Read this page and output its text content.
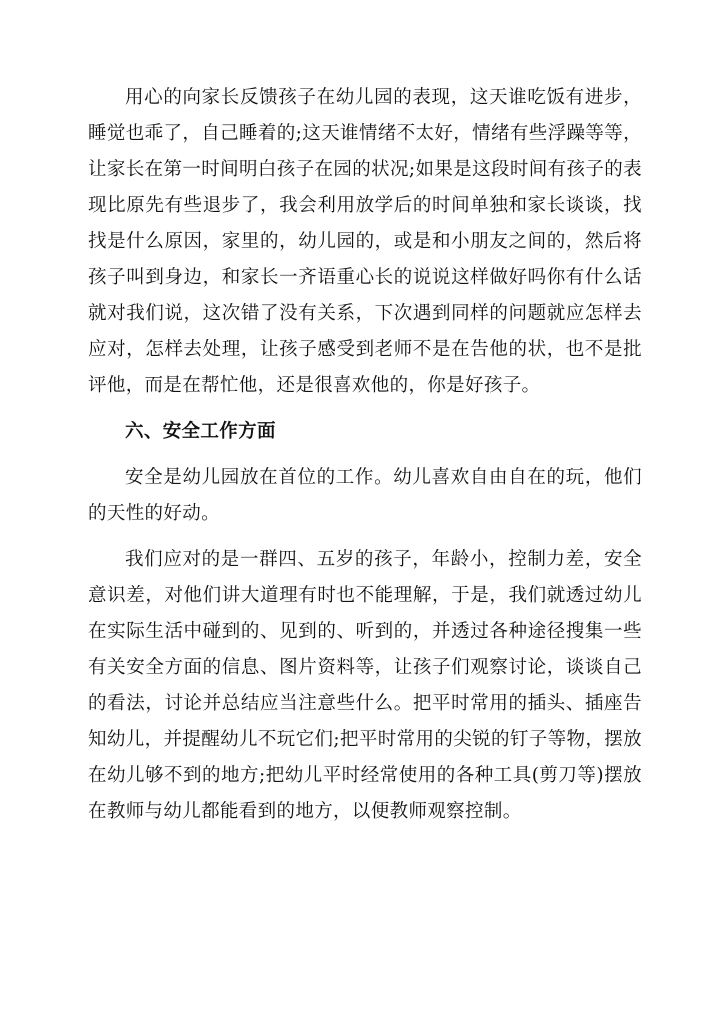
用心的向家长反馈孩子在幼儿园的表现，这天谁吃饭有进步，睡觉也乖了，自己睡着的;这天谁情绪不太好，情绪有些浮躁等等，让家长在第一时间明白孩子在园的状况;如果是这段时间有孩子的表现比原先有些退步了，我会利用放学后的时间单独和家长谈谈，找找是什么原因，家里的，幼儿园的，或是和小朋友之间的，然后将孩子叫到身边，和家长一齐语重心长的说说这样做好吗你有什么话就对我们说，这次错了没有关系，下次遇到同样的问题就应怎样去应对，怎样去处理，让孩子感受到老师不是在告他的状，也不是批评他，而是在帮忙他，还是很喜欢他的，你是好孩子。

六、安全工作方面

安全是幼儿园放在首位的工作。幼儿喜欢自由自在的玩，他们的天性的好动。

我们应对的是一群四、五岁的孩子，年龄小，控制力差，安全意识差，对他们讲大道理有时也不能理解，于是，我们就透过幼儿在实际生活中碰到的、见到的、听到的，并透过各种途径搜集一些有关安全方面的信息、图片资料等，让孩子们观察讨论，谈谈自己的看法，讨论并总结应当注意些什么。把平时常用的插头、插座告知幼儿，并提醒幼儿不玩它们;把平时常用的尖锐的钉子等物，摆放在幼儿够不到的地方;把幼儿平时经常使用的各种工具(剪刀等)摆放在教师与幼儿都能看到的地方，以便教师观察控制。
